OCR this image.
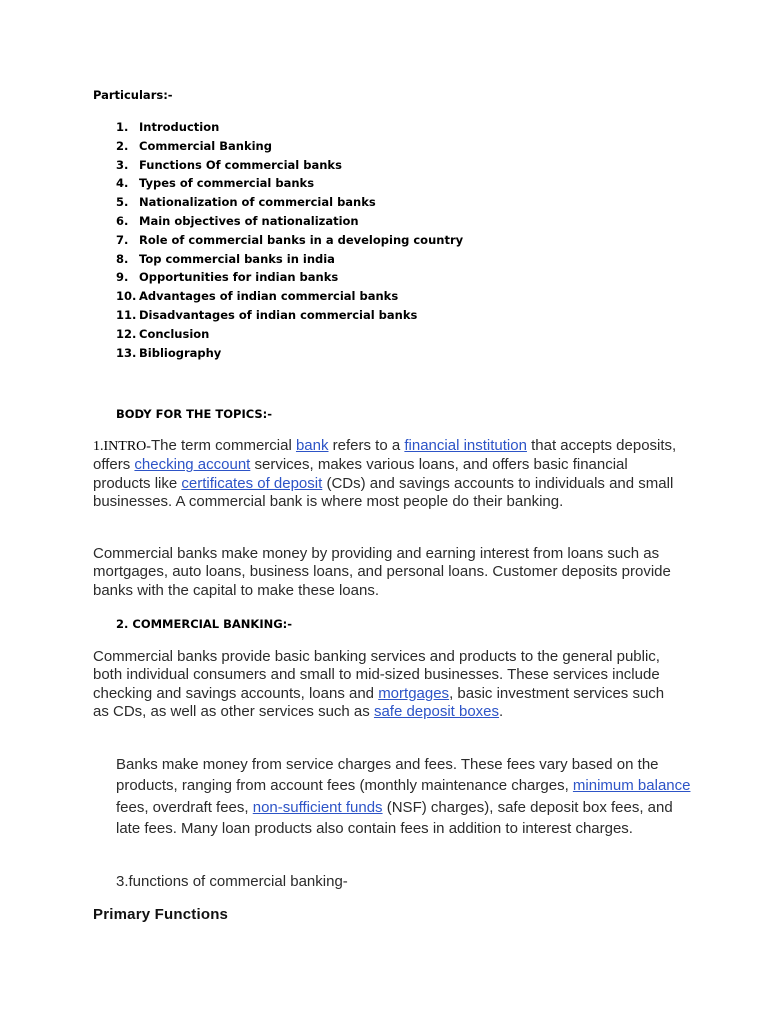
Particulars:-
1. Introduction
2. Commercial Banking
3. Functions Of commercial banks
4. Types of commercial banks
5. Nationalization of commercial banks
6. Main objectives of nationalization
7. Role of commercial banks in a developing country
8. Top commercial banks in india
9. Opportunities for indian banks
10. Advantages of indian commercial banks
11. Disadvantages of indian commercial banks
12. Conclusion
13. Bibliography
BODY FOR THE TOPICS:-

1.INTRO-The term commercial bank refers to a financial institution that accepts deposits, offers checking account services, makes various loans, and offers basic financial products like certificates of deposit (CDs) and savings accounts to individuals and small businesses. A commercial bank is where most people do their banking.

Commercial banks make money by providing and earning interest from loans such as mortgages, auto loans, business loans, and personal loans. Customer deposits provide banks with the capital to make these loans.

2. COMMERCIAL BANKING:-

Commercial banks provide basic banking services and products to the general public, both individual consumers and small to mid-sized businesses. These services include checking and savings accounts, loans and mortgages, basic investment services such as CDs, as well as other services such as safe deposit boxes.

Banks make money from service charges and fees. These fees vary based on the products, ranging from account fees (monthly maintenance charges, minimum balance fees, overdraft fees, non-sufficient funds (NSF) charges), safe deposit box fees, and late fees. Many loan products also contain fees in addition to interest charges.

3.functions of commercial banking-
Primary Functions
